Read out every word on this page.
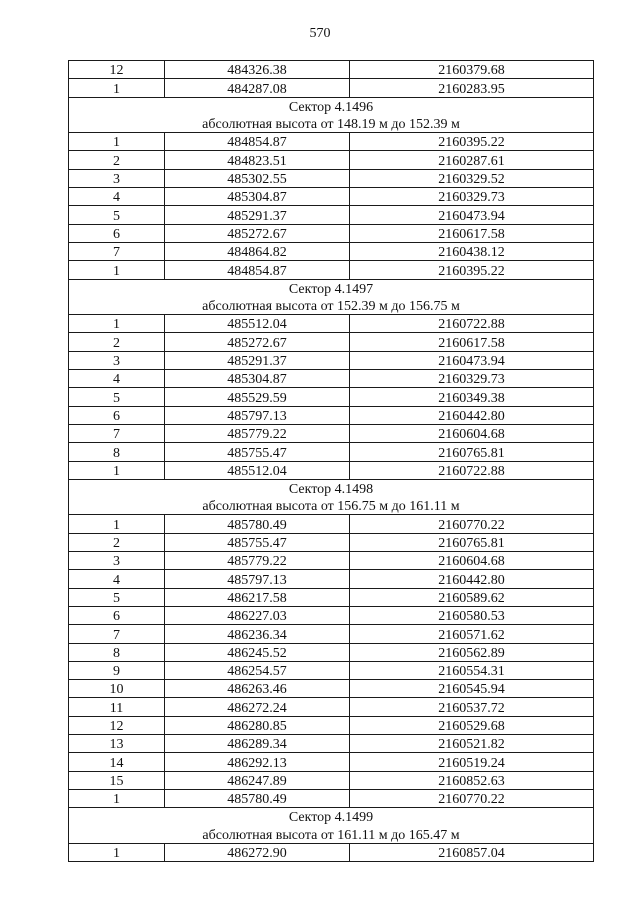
570
12	484326.38	2160379.68
1	484287.08	2160283.95
Сектор 4.1496		
абсолютная высота от 148.19 м до 152.39 м		
1	484854.87	2160395.22
2	484823.51	2160287.61
3	485302.55	2160329.52
4	485304.87	2160329.73
5	485291.37	2160473.94
6	485272.67	2160617.58
7	484864.82	2160438.12
1	484854.87	2160395.22
Сектор 4.1497		
абсолютная высота от 152.39 м до 156.75 м		
1	485512.04	2160722.88
2	485272.67	2160617.58
3	485291.37	2160473.94
4	485304.87	2160329.73
5	485529.59	2160349.38
6	485797.13	2160442.80
7	485779.22	2160604.68
8	485755.47	2160765.81
1	485512.04	2160722.88
Сектор 4.1498		
абсолютная высота от 156.75 м до 161.11 м		
1	485780.49	2160770.22
2	485755.47	2160765.81
3	485779.22	2160604.68
4	485797.13	2160442.80
5	486217.58	2160589.62
6	486227.03	2160580.53
7	486236.34	2160571.62
8	486245.52	2160562.89
9	486254.57	2160554.31
10	486263.46	2160545.94
11	486272.24	2160537.72
12	486280.85	2160529.68
13	486289.34	2160521.82
14	486292.13	2160519.24
15	486247.89	2160852.63
1	485780.49	2160770.22
Сектор 4.1499		
абсолютная высота от 161.11 м до 165.47 м		
1	486272.90	2160857.04
